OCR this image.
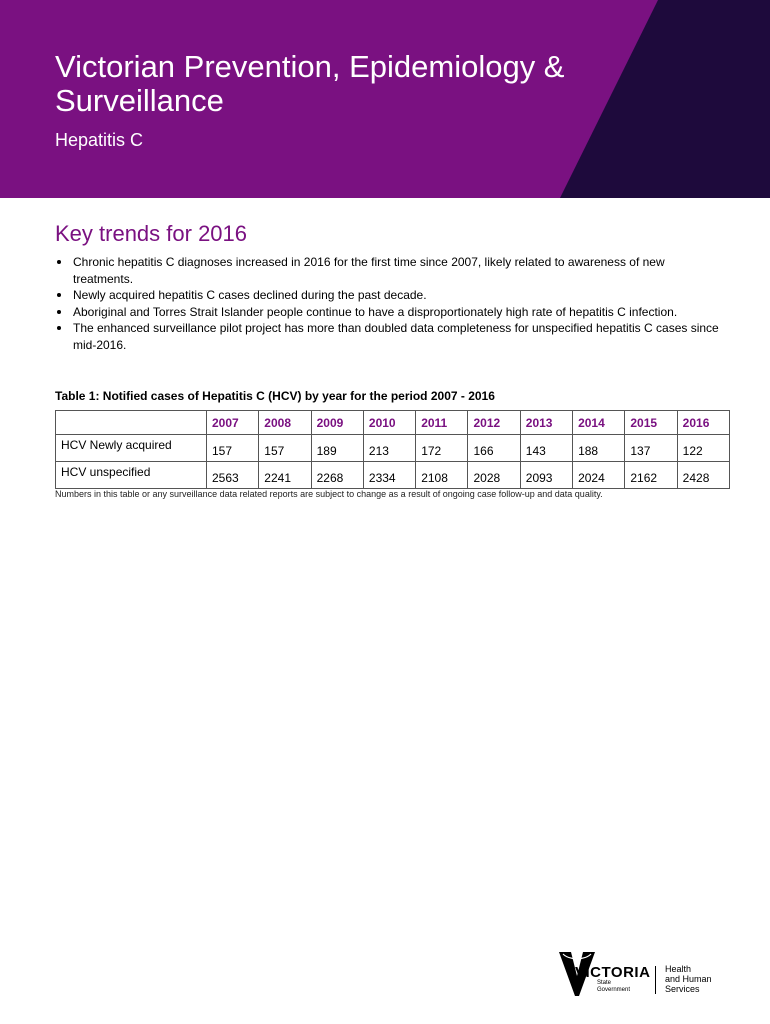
Victorian Prevention, Epidemiology & Surveillance
Hepatitis C
Key trends for 2016
Chronic hepatitis C diagnoses increased in 2016 for the first time since 2007, likely related to awareness of new treatments.
Newly acquired hepatitis C cases declined during the past decade.
Aboriginal and Torres Strait Islander people continue to have a disproportionately high rate of hepatitis C infection.
The enhanced surveillance pilot project has more than doubled data completeness for unspecified hepatitis C cases since mid-2016.
Table 1: Notified cases of Hepatitis C (HCV) by year for the period 2007 - 2016
	2007	2008	2009	2010	2011	2012	2013	2014	2015	2016
HCV Newly acquired	157	157	189	213	172	166	143	188	137	122
HCV unspecified	2563	2241	2268	2334	2108	2028	2093	2024	2162	2428
Numbers in this table or any surveillance data related reports are subject to change as a result of ongoing case follow-up and data quality.
VICTORIA
State
Government
Health
and Human
Services
